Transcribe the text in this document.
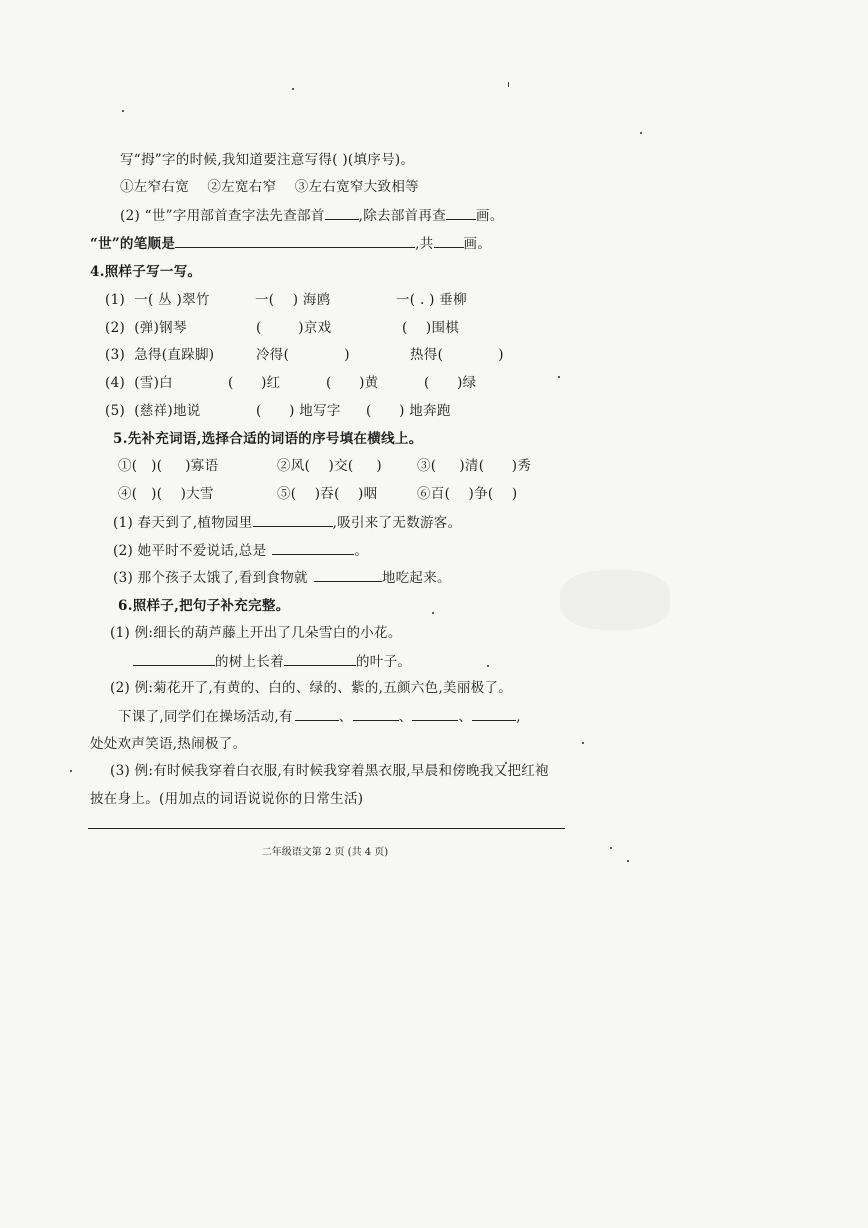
写“拇”字的时候,我知道要注意写得( )(填序号)。
①左窄右宽    ②左宽右窄    ③左右宽窄大致相等
(2) “世”字用部首查字法先查部首	,除去部首再查 画。
“世”的笔顺是	,共 画。
4.照样子写一写。
(1)  一( 丛 )翠竹	一(    ) 海鸥	一( . ) 垂柳
(2)  (弹)钢琴	(        )京戏	(    )围棋
(3)  急得(直跺脚)	冷得(            )	热得(            )
(4)  (雪)白	(      )红	(      )黄	(      )绿
(5)  (慈祥)地说	(      ) 地写字 (      ) 地奔跑
5.先补充词语,选择合适的词语的序号填在横线上。
①(   )(     )寡语	②风(    )交(     )	③(     )清(      )秀
④(   )(    )大雪	⑤(    )吞(    )咽	⑥百(    )争(    )
(1) 春天到了,植物园里	,吸引来了无数游客。
(2) 她平时不爱说话,总是	。
(3) 那个孩子太饿了,看到食物就	地吃起来。
6.照样子,把句子补充完整。
(1) 例:细长的葫芦藤上开出了几朵雪白的小花。
的树上长着	的叶子。
(2) 例:菊花开了,有黄的、白的、绿的、紫的,五颜六色,美丽极了。
下课了,同学们在操场活动,有	、	、	、	,
处处欢声笑语,热闹极了。
(3) 例:有时候我穿着白衣服,有时候我穿着黑衣服,早晨和傍晚我又把红袍
披在身上。(用加点的词语说说你的日常生活)
二年级语文第 2 页 (共 4 页)
